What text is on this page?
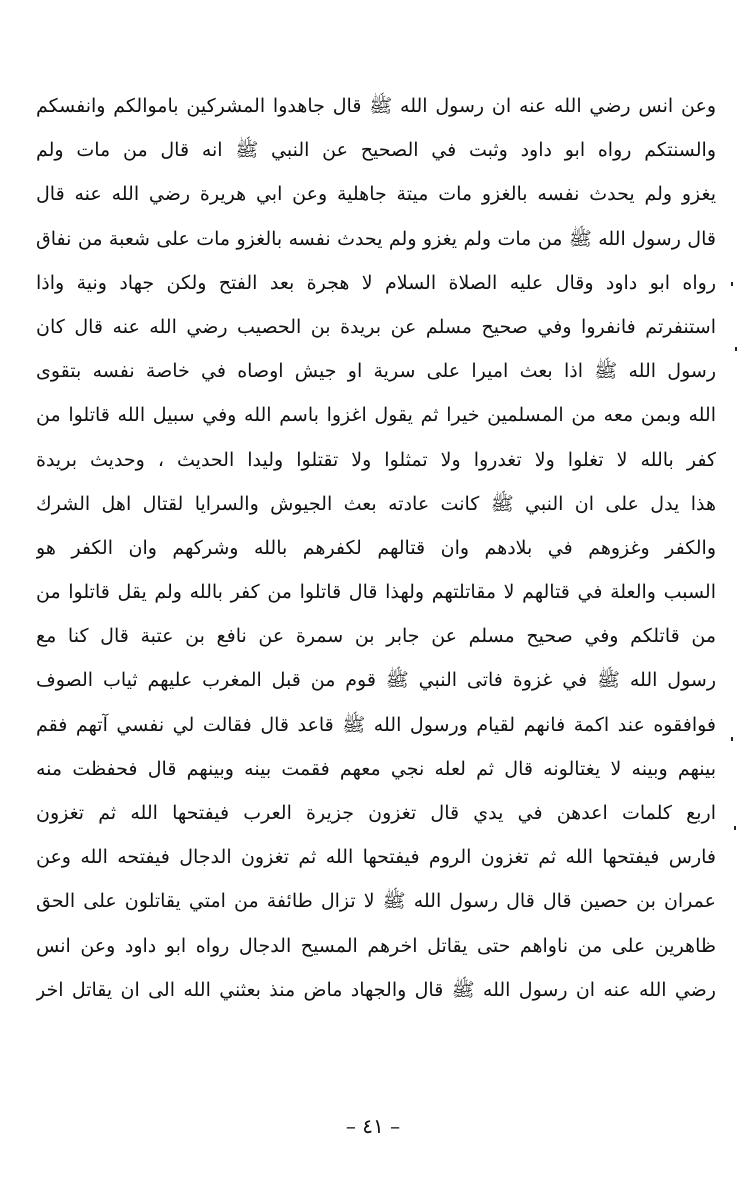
وعن انس رضي الله عنه ان رسول الله ﷺ قال جاهدوا المشركين باموالكم وانفسكم
والسنتكم رواه ابو داود وثبت في الصحيح عن النبي ﷺ انه قال من مات ولم
يغزو ولم يحدث نفسه بالغزو مات ميتة جاهلية وعن ابي هريرة رضي الله عنه قال
قال رسول الله ﷺ من مات ولم يغزو ولم يحدث نفسه بالغزو مات على شعبة من نفاق
رواه ابو داود وقال عليه الصلاة السلام لا هجرة بعد الفتح ولكن جهاد ونية واذا
استنفرتم فانفروا وفي صحيح مسلم عن بريدة بن الحصيب رضي الله عنه قال كان
رسول الله ﷺ اذا بعث اميرا على سرية او جيش اوصاه في خاصة نفسه بتقوى
الله وبمن معه من المسلمين خيرا ثم يقول اغزوا باسم الله وفي سبيل الله قاتلوا من
كفر بالله لا تغلوا ولا تغدروا ولا تمثلوا ولا تقتلوا وليدا الحديث ، وحديث بريدة
هذا يدل على ان النبي ﷺ كانت عادته بعث الجيوش والسرايا لقتال اهل الشرك
والكفر وغزوهم في بلادهم وان قتالهم لكفرهم بالله وشركهم وان الكفر هو
السبب والعلة في قتالهم لا مقاتلتهم ولهذا قال قاتلوا من كفر بالله ولم يقل قاتلوا من
من قاتلكم وفي صحيح مسلم عن جابر بن سمرة عن نافع بن عتبة قال كنا مع
رسول الله ﷺ في غزوة فاتى النبي ﷺ قوم من قبل المغرب عليهم ثياب الصوف
فوافقوه عند اكمة فانهم لقيام ورسول الله ﷺ قاعد قال فقالت لي نفسي آتهم فقم
بينهم وبينه لا يغتالونه قال ثم لعله نجي معهم فقمت بينه وبينهم قال فحفظت منه
اربع كلمات اعدهن في يدي قال تغزون جزيرة العرب فيفتحها الله ثم تغزون
فارس فيفتحها الله ثم تغزون الروم فيفتحها الله ثم تغزون الدجال فيفتحه الله وعن
عمران بن حصين قال قال رسول الله ﷺ لا تزال طائفة من امتي يقاتلون على الحق
ظاهرين على من ناواهم حتى يقاتل اخرهم المسيح الدجال رواه ابو داود وعن انس
رضي الله عنه ان رسول الله ﷺ قال والجهاد ماض منذ بعثني الله الى ان يقاتل اخر
– ٤١ –
